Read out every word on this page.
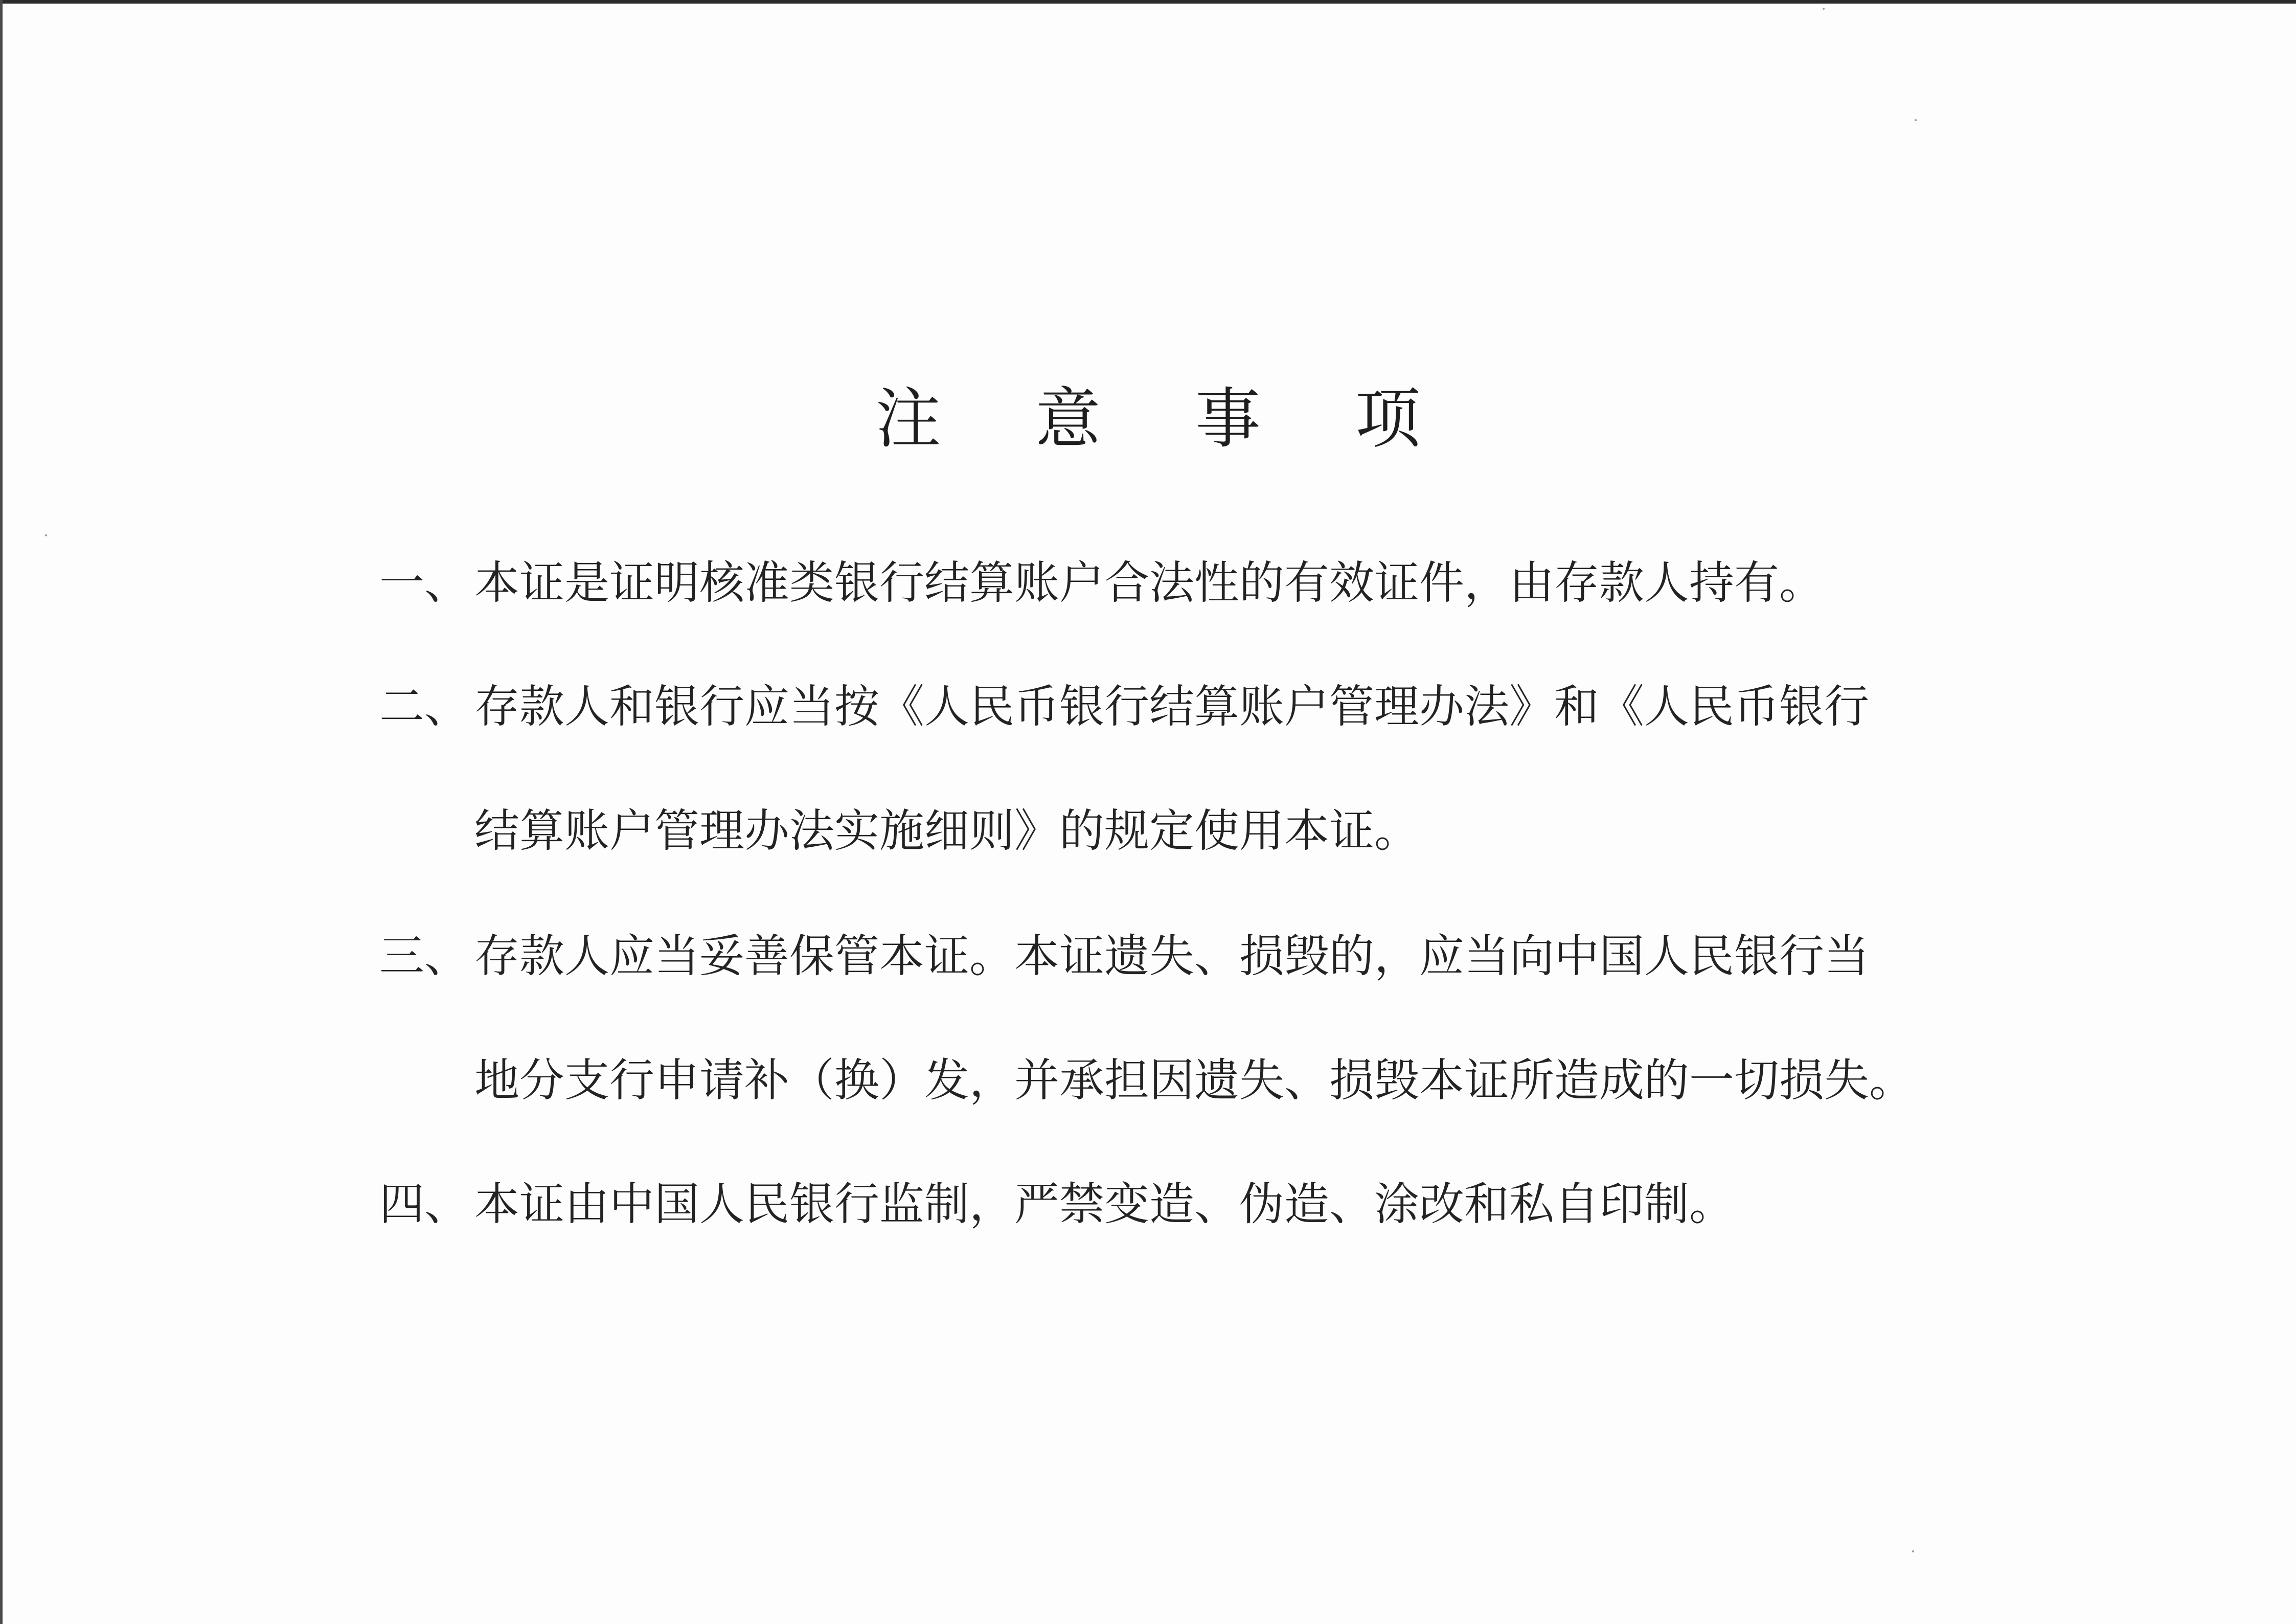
注 意 事 项
一、 本证是证明核准类银行结算账户合法性的有效证件，由存款人持有。
二、 存款人和银行应当按《人民币银行结算账户管理办法》和《人民币银行
结算账户管理办法实施细则》的规定使用本证。
三、 存款人应当妥善保管本证。本证遗失、损毁的，应当向中国人民银行当
地分支行申请补（换）发，并承担因遗失、损毁本证所造成的一切损失。
四、 本证由中国人民银行监制，严禁变造、伪造、涂改和私自印制。
